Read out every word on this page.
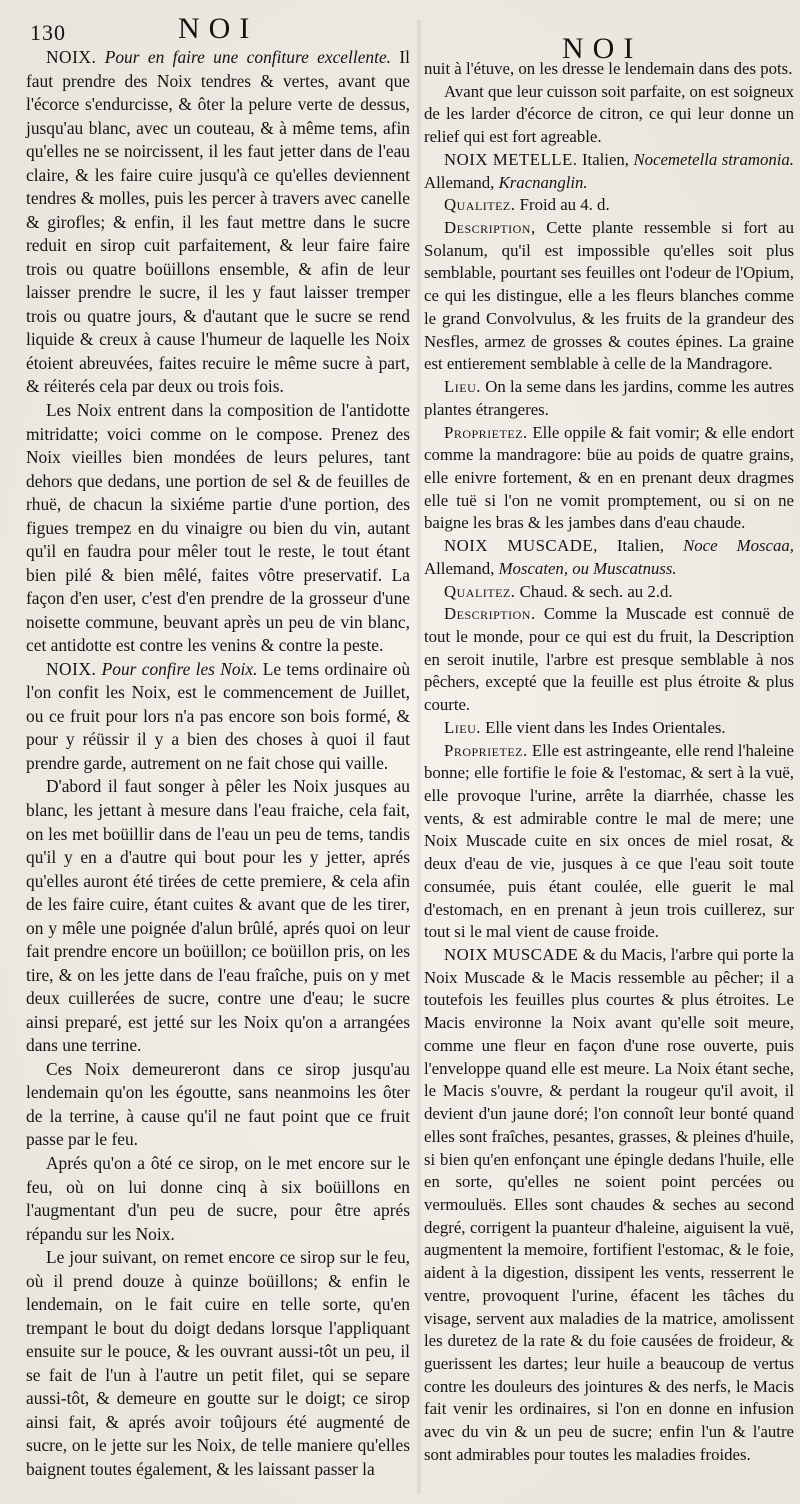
130	NOI
NOI

NOIX. Pour en faire une confiture excellente. Il faut prendre des Noix tendres & vertes, avant que l'écorce s'endurcisse, & ôter la pelure verte de dessus, jusqu'au blanc, avec un couteau, & à même tems, afin qu'elles ne se noircissent, il les faut jetter dans de l'eau claire, & les faire cuire jusqu'à ce qu'elles deviennent tendres & molles, puis les percer à travers avec canelle & girofles; & enfin, il les faut mettre dans le sucre reduit en sirop cuit parfaitement, & leur faire faire trois ou quatre boüillons ensemble, & afin de leur laisser prendre le sucre, il les y faut laisser tremper trois ou quatre jours, & d'autant que le sucre se rend liquide & creux à cause l'humeur de laquelle les Noix étoient abreuvées, faites recuire le même sucre à part, & réiterés cela par deux ou trois fois.

Les Noix entrent dans la composition de l'antidotte mitridatte; voici comme on le compose. Prenez des Noix vieilles bien mondées de leurs pelures, tant dehors que dedans, une portion de sel & de feuilles de rhuë, de chacun la sixiéme partie d'une portion, des figues trempez en du vinaigre ou bien du vin, autant qu'il en faudra pour mêler tout le reste, le tout étant bien pilé & bien mêlé, faites vôtre preservatif. La façon d'en user, c'est d'en prendre de la grosseur d'une noisette commune, beuvant après un peu de vin blanc, cet antidotte est contre les venins & contre la peste.

NOIX. Pour confire les Noix. Le tems ordinaire où l'on confit les Noix, est le commencement de Juillet, ou ce fruit pour lors n'a pas encore son bois formé, & pour y réüssir il y a bien des choses à quoi il faut prendre garde, autrement on ne fait chose qui vaille.

D'abord il faut songer à pêler les Noix jusques au blanc, les jettant à mesure dans l'eau fraiche, cela fait, on les met boüillir dans de l'eau un peu de tems, tandis qu'il y en a d'autre qui bout pour les y jetter, aprés qu'elles auront été tirées de cette premiere, & cela afin de les faire cuire, étant cuites & avant que de les tirer, on y mêle une poignée d'alun brûlé, aprés quoi on leur fait prendre encore un boüillon; ce boüillon pris, on les tire, & on les jette dans de l'eau fraîche, puis on y met deux cuillerées de sucre, contre une d'eau; le sucre ainsi preparé, est jetté sur les Noix qu'on a arrangées dans une terrine.

Ces Noix demeureront dans ce sirop jusqu'au lendemain qu'on les égoutte, sans neanmoins les ôter de la terrine, à cause qu'il ne faut point que ce fruit passe par le feu.

Aprés qu'on a ôté ce sirop, on le met encore sur le feu, où on lui donne cinq à six boüillons en l'augmentant d'un peu de sucre, pour être aprés répandu sur les Noix.

Le jour suivant, on remet encore ce sirop sur le feu, où il prend douze à quinze boüillons; & enfin le lendemain, on le fait cuire en telle sorte, qu'en trempant le bout du doigt dedans lorsque l'appliquant ensuite sur le pouce, & les ouvrant aussi-tôt un peu, il se fait de l'un à l'autre un petit filet, qui se separe aussi-tôt, & demeure en goutte sur le doigt; ce sirop ainsi fait, & aprés avoir toûjours été augmenté de sucre, on le jette sur les Noix, de telle maniere qu'elles baignent toutes également, & les laissant passer la

nuit à l'étuve, on les dresse le lendemain dans des pots.

Avant que leur cuisson soit parfaite, on est soigneux de les larder d'écorce de citron, ce qui leur donne un relief qui est fort agreable.

NOIX METELLE. Italien, Nocemetella stramonia. Allemand, Kracnanglin.

Qualitez. Froid au 4. d.

Description, Cette plante ressemble si fort au Solanum, qu'il est impossible qu'elles soit plus semblable, pourtant ses feuilles ont l'odeur de l'Opium, ce qui les distingue, elle a les fleurs blanches comme le grand Convolvulus, & les fruits de la grandeur des Nesfles, armez de grosses & coutes épines. La graine est entierement semblable à celle de la Mandragore.

Lieu. On la seme dans les jardins, comme les autres plantes étrangeres.

Proprietez. Elle oppile & fait vomir; & elle endort comme la mandragore: büe au poids de quatre grains, elle enivre fortement, & en en prenant deux dragmes elle tuë si l'on ne vomit promptement, ou si on ne baigne les bras & les jambes dans d'eau chaude.

NOIX MUSCADE, Italien, Noce Moscaa, Allemand, Moscaten, ou Muscatnuss.

Qualitez. Chaud. & sech. au 2.d.

Description. Comme la Muscade est connuë de tout le monde, pour ce qui est du fruit, la Description en seroit inutile, l'arbre est presque semblable à nos pêchers, excepté que la feuille est plus étroite & plus courte.

Lieu. Elle vient dans les Indes Orientales.

Proprietez. Elle est astringeante, elle rend l'haleine bonne; elle fortifie le foie & l'estomac, & sert à la vuë, elle provoque l'urine, arrête la diarrhée, chasse les vents, & est admirable contre le mal de mere; une Noix Muscade cuite en six onces de miel rosat, & deux d'eau de vie, jusques à ce que l'eau soit toute consumée, puis étant coulée, elle guerit le mal d'estomach, en en prenant à jeun trois cuillerez, sur tout si le mal vient de cause froide.

NOIX MUSCADE & du Macis, l'arbre qui porte la Noix Muscade & le Macis ressemble au pêcher; il a toutefois les feuilles plus courtes & plus étroites. Le Macis environne la Noix avant qu'elle soit meure, comme une fleur en façon d'une rose ouverte, puis l'enveloppe quand elle est meure. La Noix étant seche, le Macis s'ouvre, & perdant la rougeur qu'il avoit, il devient d'un jaune doré; l'on connoît leur bonté quand elles sont fraîches, pesantes, grasses, & pleines d'huile, si bien qu'en enfonçant une épingle dedans l'huile, elle en sorte, qu'elles ne soient point percées ou vermouluës. Elles sont chaudes & seches au second degré, corrigent la puanteur d'haleine, aiguisent la vuë, augmentent la memoire, fortifient l'estomac, & le foie, aident à la digestion, dissipent les vents, resserrent le ventre, provoquent l'urine, éfacent les tâches du visage, servent aux maladies de la matrice, amolissent les duretez de la rate & du foie causées de froideur, & guerissent les dartes; leur huile a beaucoup de vertus contre les douleurs des jointures & des nerfs, le Macis fait venir les ordinaires, si l'on en donne en infusion avec du vin & un peu de sucre; enfin l'un & l'autre sont admirables pour toutes les maladies froides.
